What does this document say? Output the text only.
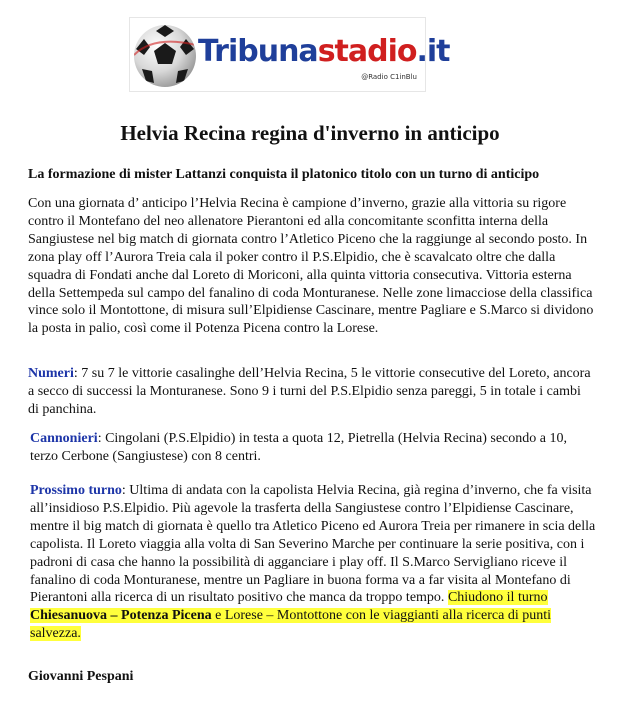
Tribunastadio.it
@Radio C1inBlu
Helvia Recina regina d'inverno in anticipo

La formazione di mister Lattanzi conquista il platonico titolo con un turno di anticipo

Con una giornata d’ anticipo l’Helvia Recina è campione d’inverno, grazie alla vittoria su rigore contro il Montefano del neo allenatore Pierantoni ed alla concomitante sconfitta interna della Sangiustese nel big match di giornata contro l’Atletico Piceno che la raggiunge al secondo posto. In zona play off l’Aurora Treia cala il poker contro il P.S.Elpidio, che è scavalcato oltre che dalla squadra di Fondati anche dal Loreto di Moriconi, alla quinta vittoria consecutiva. Vittoria esterna della Settempeda sul campo del fanalino di coda Monturanese. Nelle zone limacciose della classifica vince solo il Montottone, di misura sull’Elpidiense Cascinare, mentre Pagliare e S.Marco si dividono la posta in palio, così come il Potenza Picena contro la Lorese.

Numeri: 7 su 7 le vittorie casalinghe dell’Helvia Recina, 5 le vittorie consecutive del Loreto, ancora a secco di successi la Monturanese. Sono 9 i turni del P.S.Elpidio senza pareggi, 5 in totale i cambi di panchina.

Cannonieri: Cingolani (P.S.Elpidio) in testa a quota 12, Pietrella (Helvia Recina) secondo a 10, terzo Cerbone (Sangiustese) con 8 centri.

Prossimo turno: Ultima di andata con la capolista Helvia Recina, già regina d’inverno, che fa visita all’insidioso P.S.Elpidio. Più agevole la trasferta della Sangiustese contro l’Elpidiense Cascinare, mentre il big match di giornata è quello tra Atletico Piceno ed Aurora Treia per rimanere in scia della capolista. Il Loreto viaggia alla volta di San Severino Marche per continuare la serie positiva, con i padroni di casa che hanno la possibilità di agganciare i play off. Il S.Marco Servigliano riceve il fanalino di coda Monturanese, mentre un Pagliare in buona forma va a far visita al Montefano di Pierantoni alla ricerca di un risultato positivo che manca da troppo tempo. Chiudono il turno Chiesanuova – Potenza Picena e Lorese – Montottone con le viaggianti alla ricerca di punti salvezza.

Giovanni Pespani
